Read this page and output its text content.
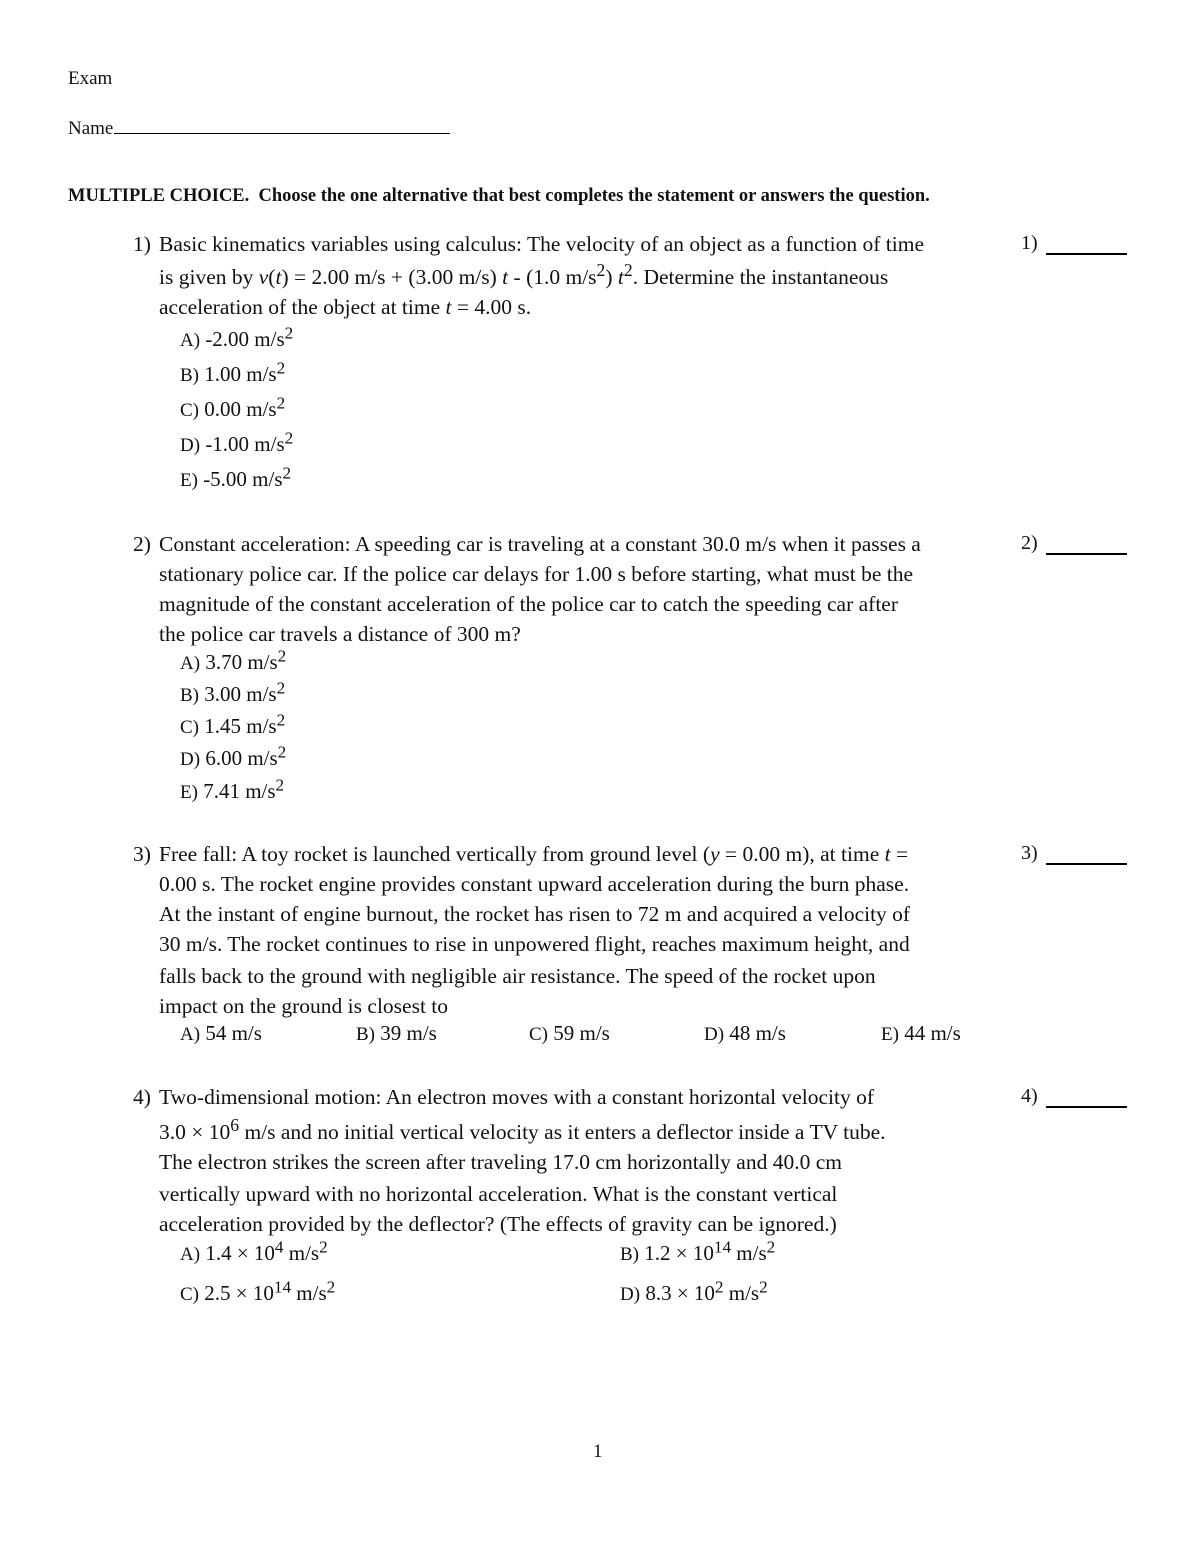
Exam
Name
MULTIPLE CHOICE. Choose the one alternative that best completes the statement or answers the question.
1) Basic kinematics variables using calculus: The velocity of an object as a function of time
is given by v(t) = 2.00 m/s + (3.00 m/s) t - (1.0 $m/s^2$) $t^2$. Determine the instantaneous
acceleration of the object at time t = 4.00 s.
1)
A) -2.00 $m/s^2$
B) 1.00 $m/s^2$
C) 0.00 $m/s^2$
D) -1.00 $m/s^2$
E) -5.00 $m/s^2$
2) Constant acceleration: A speeding car is traveling at a constant 30.0 m/s when it passes a
stationary police car. If the police car delays for 1.00 s before starting, what must be the
magnitude of the constant acceleration of the police car to catch the speeding car after
the police car travels a distance of 300 m?
2)
A) 3.70 $m/s^2$
B) 3.00 $m/s^2$
C) 1.45 $m/s^2$
D) 6.00 $m/s^2$
E) 7.41 $m/s^2$
3) Free fall: A toy rocket is launched vertically from ground level (y = 0.00 m), at time t =
0.00 s. The rocket engine provides constant upward acceleration during the burn phase.
At the instant of engine burnout, the rocket has risen to 72 m and acquired a velocity of
30 m/s. The rocket continues to rise in unpowered flight, reaches maximum height, and
falls back to the ground with negligible air resistance. The speed of the rocket upon
impact on the ground is closest to
3)
A) 54 m/s	B) 39 m/s	C) 59 m/s	D) 48 m/s	E) 44 m/s
4) Two-dimensional motion: An electron moves with a constant horizontal velocity of
$3.0 \times 10^6$ m/s and no initial vertical velocity as it enters a deflector inside a TV tube.
The electron strikes the screen after traveling 17.0 cm horizontally and 40.0 cm
vertically upward with no horizontal acceleration. What is the constant vertical
acceleration provided by the deflector? (The effects of gravity can be ignored.)
4)
A) $1.4 \times 10^4$ $m/s^2$	B) $1.2 \times 10^{14}$ $m/s^2$
C) $2.5 \times 10^{14}$ $m/s^2$	D) $8.3 \times 10^2$ $m/s^2$
1
